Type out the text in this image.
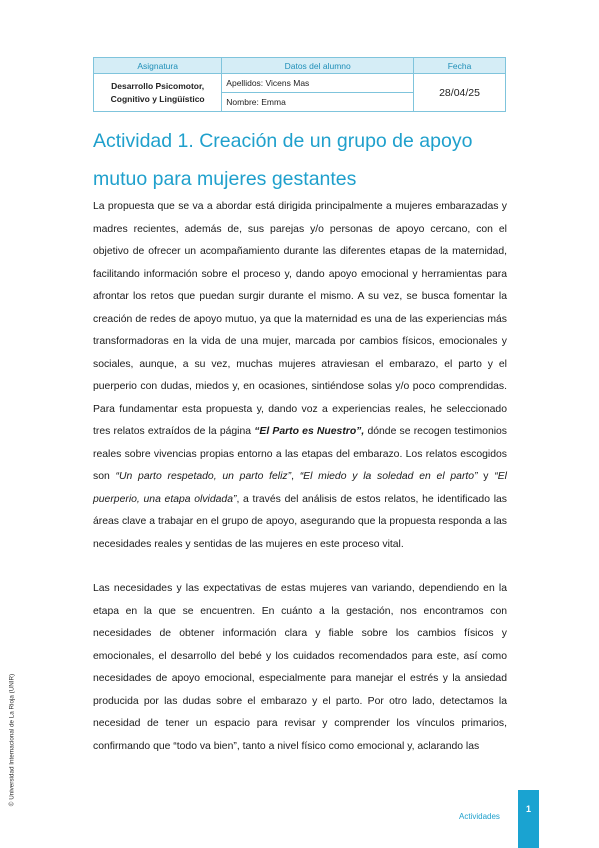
Asignatura	Datos del alumno	Fecha
Desarrollo Psicomotor,
Cognitivo y Lingüístico	Apellidos: Vicens Mas	28/04/25
	Nombre: Emma	
Actividad 1. Creación de un grupo de apoyo mutuo para mujeres gestantes

La propuesta que se va a abordar está dirigida principalmente a mujeres embarazadas y madres recientes, además de, sus parejas y/o personas de apoyo cercano, con el objetivo de ofrecer un acompañamiento durante las diferentes etapas de la maternidad, facilitando información sobre el proceso y, dando apoyo emocional y herramientas para afrontar los retos que puedan surgir durante el mismo. A su vez, se busca fomentar la creación de redes de apoyo mutuo, ya que la maternidad es una de las experiencias más transformadoras en la vida de una mujer, marcada por cambios físicos, emocionales y sociales, aunque, a su vez, muchas mujeres atraviesan el embarazo, el parto y el puerperio con dudas, miedos y, en ocasiones, sintiéndose solas y/o poco comprendidas. Para fundamentar esta propuesta y, dando voz a experiencias reales, he seleccionado tres relatos extraídos de la página “El Parto es Nuestro”, dónde se recogen testimonios reales sobre vivencias propias entorno a las etapas del embarazo. Los relatos escogidos son “Un parto respetado, un parto feliz”, “El miedo y la soledad en el parto” y “El puerperio, una etapa olvidada”, a través del análisis de estos relatos, he identificado las áreas clave a trabajar en el grupo de apoyo, asegurando que la propuesta responda a las necesidades reales y sentidas de las mujeres en este proceso vital.

Las necesidades y las expectativas de estas mujeres van variando, dependiendo en la etapa en la que se encuentren. En cuánto a la gestación, nos encontramos con necesidades de obtener información clara y fiable sobre los cambios físicos y emocionales, el desarrollo del bebé y los cuidados recomendados para este, así como necesidades de apoyo emocional, especialmente para manejar el estrés y la ansiedad producida por las dudas sobre el embarazo y el parto. Por otro lado, detectamos la necesidad de tener un espacio para revisar y comprender los vínculos primarios, confirmando que “todo va bien”, tanto a nivel físico como emocional y, aclarando las

© Universidad Internacional de La Rioja (UNIR)
Actividades
1
